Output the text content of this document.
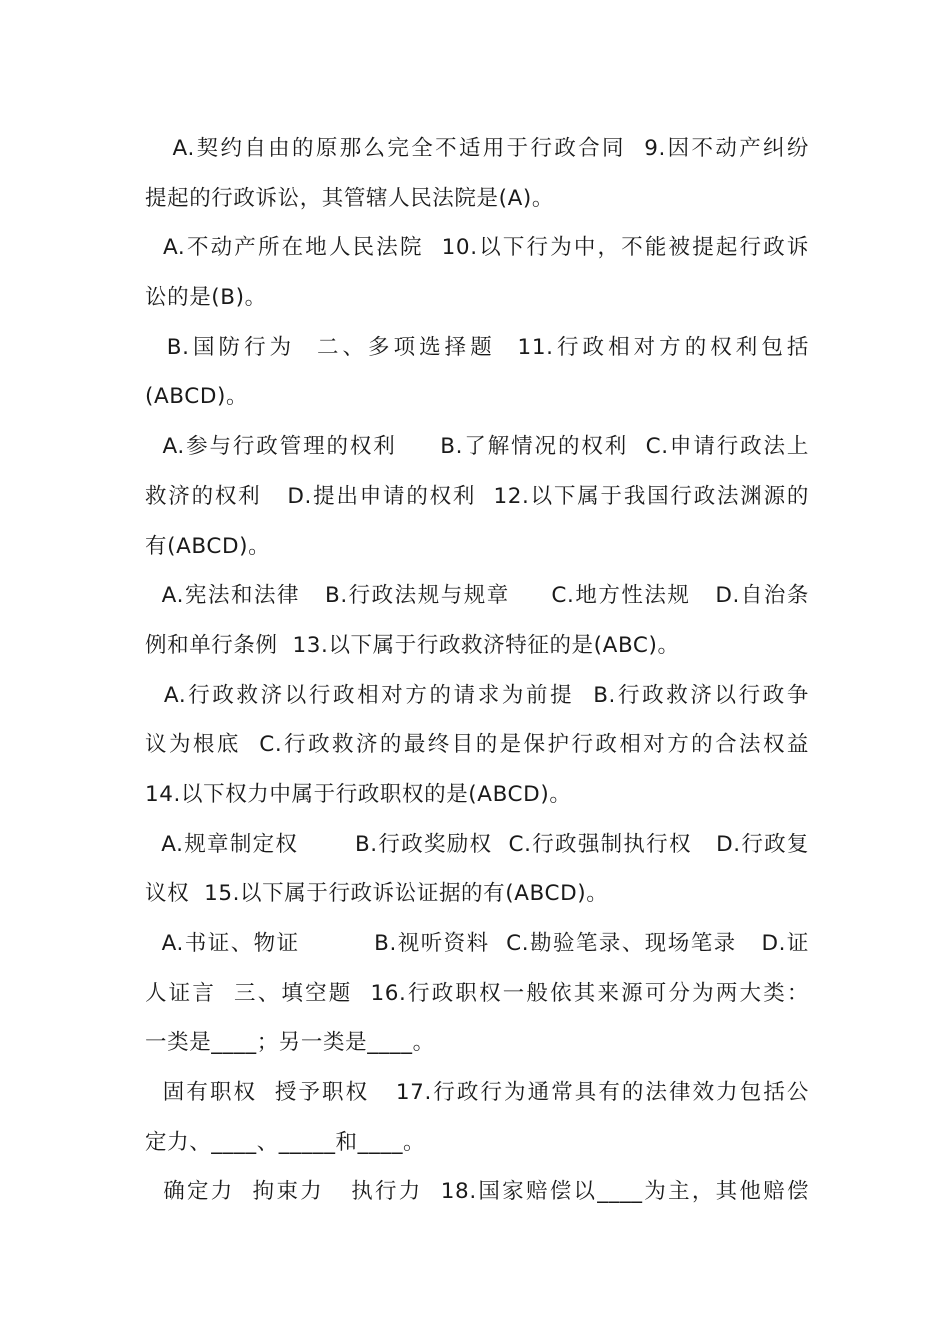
A.契约自由的原那么完全不适用于行政合同  9.因不动产纠纷
提起的行政诉讼，其管辖人民法院是(A)。
A.不动产所在地人民法院  10.以下行为中，不能被提起行政诉
讼的是(B)。
B.国防行为  二、多项选择题  11.行政相对方的权利包括
(ABCD)。
A.参与行政管理的权利     B.了解情况的权利  C.申请行政法上
救济的权利   D.提出申请的权利  12.以下属于我国行政法渊源的
有(ABCD)。
A.宪法和法律   B.行政法规与规章     C.地方性法规   D.自治条
例和单行条例  13.以下属于行政救济特征的是(ABC)。
A.行政救济以行政相对方的请求为前提  B.行政救济以行政争
议为根底  C.行政救济的最终目的是保护行政相对方的合法权益
14.以下权力中属于行政职权的是(ABCD)。
A.规章制定权       B.行政奖励权  C.行政强制执行权   D.行政复
议权  15.以下属于行政诉讼证据的有(ABCD)。
A.书证、物证         B.视听资料  C.勘验笔录、现场笔录   D.证
人证言  三、填空题  16.行政职权一般依其来源可分为两大类：
一类是____；另一类是____。
固有职权  授予职权   17.行政行为通常具有的法律效力包括公
定力、____、_____和____。
确定力  拘束力   执行力  18.国家赔偿以____为主，其他赔偿
